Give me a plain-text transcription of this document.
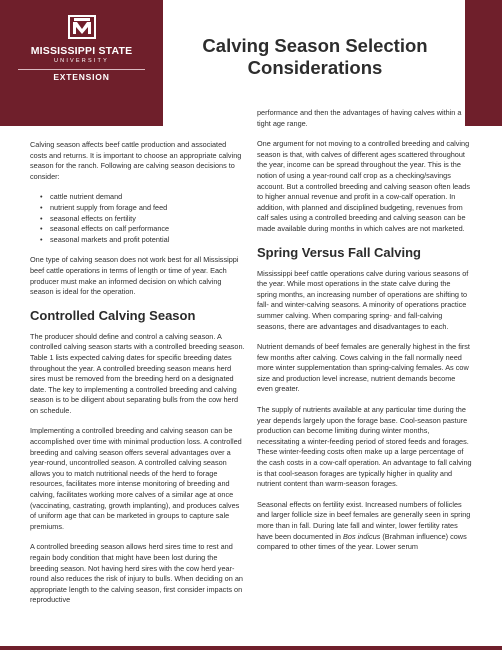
MISSISSIPPI STATE
UNIVERSITY
EXTENSION
Calving Season Selection
Considerations

Calving season affects beef cattle production and associated costs and returns. It is important to choose an appropriate calving season for the ranch. Following are calving season decisions to consider:

• cattle nutrient demand
• nutrient supply from forage and feed
• seasonal effects on fertility
• seasonal effects on calf performance
• seasonal markets and profit potential

One type of calving season does not work best for all Mississippi beef cattle operations in terms of length or time of year. Each producer must make an informed decision on which calving season is ideal for the operation.

Controlled Calving Season

The producer should define and control a calving season. A controlled calving season starts with a controlled breeding season. Table 1 lists expected calving dates for specific breeding dates throughout the year. A controlled breeding season means herd sires must be removed from the breeding herd on a designated date. The key to implementing a controlled breeding and calving season is to be diligent about separating bulls from the cow herd on schedule.

Implementing a controlled breeding and calving season can be accomplished over time with minimal production loss. A controlled breeding and calving season offers several advantages over a year-round, uncontrolled season. A controlled calving season allows you to match nutritional needs of the herd to forage resources, facilitates more intense monitoring of breeding and calving, facilitates working more calves of a similar age at once (vaccinating, castrating, growth implanting), and produces calves of uniform age that can be marketed in groups to capture sale premiums.

A controlled breeding season allows herd sires time to rest and regain body condition that might have been lost during the breeding season. Not having herd sires with the cow herd year-round also reduces the risk of injury to bulls. When deciding on an appropriate length to the calving season, first consider impacts on reproductive

performance and then the advantages of having calves within a tight age range.

One argument for not moving to a controlled breeding and calving season is that, with calves of different ages scattered throughout the year, income can be spread throughout the year. This is the notion of using a year-round calf crop as a checking/savings account. But a controlled breeding and calving season often leads to higher annual revenue and profit in a cow-calf operation. In addition, with planned and disciplined budgeting, revenues from calf sales using a controlled breeding and calving season can be made available during months in which calves are not marketed.

Spring Versus Fall Calving

Mississippi beef cattle operations calve during various seasons of the year. While most operations in the state calve during the spring months, an increasing number of operations are shifting to fall- and winter-calving seasons. A minority of operations practice summer calving. When comparing spring- and fall-calving seasons, there are advantages and disadvantages to each.

Nutrient demands of beef females are generally highest in the first few months after calving. Cows calving in the fall normally need more winter supplementation than spring-calving females. As cow size and production level increase, nutrient demands become even greater.

The supply of nutrients available at any particular time during the year depends largely upon the forage base. Cool-season pasture production can become limiting during winter months, necessitating a winter-feeding period of stored feeds and forages. These winter-feeding costs often make up a large percentage of the cash costs in a cow-calf operation. An advantage to fall calving is that cool-season forages are typically higher in quality and nutrient content than warm-season forages.

Seasonal effects on fertility exist. Increased numbers of follicles and larger follicle size in beef females are generally seen in spring more than in fall. During late fall and winter, lower fertility rates have been documented in Bos indicus (Brahman influence) cows compared to other times of the year. Lower serum
